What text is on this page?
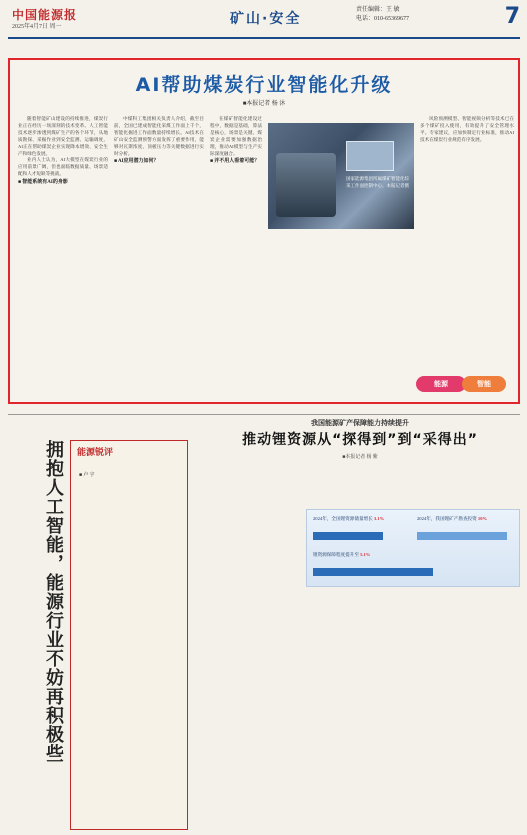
中国能源报
2025年4月7日 周一	矿山·安全
责任编辑：王 敏
电话：010-65369677	7
AI帮助煤炭行业智能化升级
■本报记者 杨 沐

随着智能矿山建设的持续推进，煤炭行业正在经历一场深刻的技术变革。人工智能技术逐步渗透到煤矿生产的各个环节，从地质勘探、采掘作业到安全监测、运输调度，AI正在帮助煤炭企业实现降本增效、安全生产和绿色发展。

业内人士认为，AI大模型在煤炭行业的应用前景广阔，但也面临数据质量、场景适配和人才短缺等挑战。

■ 智能系统有AI的身影

中煤科工集团相关负责人介绍，截至目前，全国已建成智能化采煤工作面上千个，智能化掘进工作面数量持续增长。AI技术在矿山安全监测预警方面发挥了重要作用，能够对瓦斯浓度、顶板压力等关键数据进行实时分析。

■ AI应用潜力如何？

在煤矿智能化建设过程中，数据是基础，算法是核心，场景是关键。煤炭企业需要加强数据治理，推动AI模型与生产实际深度融合。

■ 并不用人看着可能？

风险预测模型、智能视频分析等技术已在多个煤矿投入使用，有效提升了安全管理水平。专家建议，应加快制定行业标准，推动AI技术在煤炭行业规范有序发展。

国家能源集团所属煤矿智能化综采工作面控制中心。本报记者摄
能源	智能
拥抱人工智能，能源行业不妨再积极些 能源锐评
■ 卢 宇
我国能源矿产保障能力持续提升
推动锂资源从“探得到”到“采得出”
■本报记者 杨 紫
2024年，全国锂资源储量增长 3.1%	2024年，我国锂矿产勘查投资 10%
锂资源保障程度提升至 5.1%
